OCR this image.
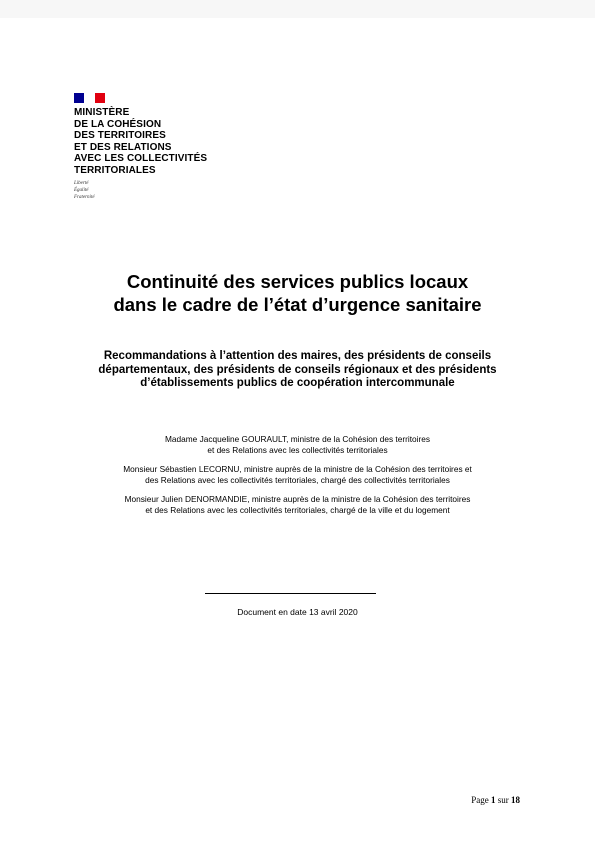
MINISTÈRE
DE LA COHÉSION
DES TERRITOIRES
ET DES RELATIONS
AVEC LES COLLECTIVITÉS
TERRITORIALES
Liberté
Égalité
Fraternité
Continuité des services publics locaux
dans le cadre de l’état d’urgence sanitaire
Recommandations à l’attention des maires, des présidents de conseils
départementaux, des présidents de conseils régionaux et des présidents
d’établissements publics de coopération intercommunale
Madame Jacqueline GOURAULT, ministre de la Cohésion des territoires
et des Relations avec les collectivités territoriales
Monsieur Sébastien LECORNU, ministre auprès de la ministre de la Cohésion des territoires et
des Relations avec les collectivités territoriales, chargé des collectivités territoriales
Monsieur Julien DENORMANDIE, ministre auprès de la ministre de la Cohésion des territoires
et des Relations avec les collectivités territoriales, chargé de la ville et du logement
Document en date 13 avril 2020
Page 1 sur 18
